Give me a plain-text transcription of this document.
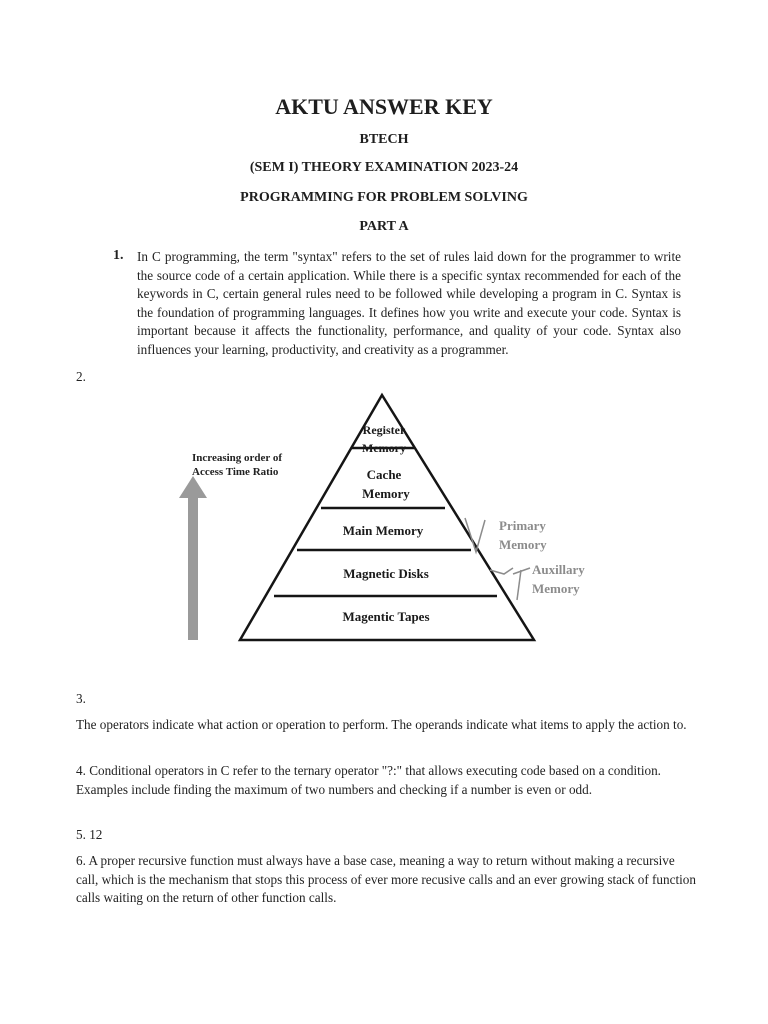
AKTU ANSWER KEY
BTECH
(SEM I) THEORY EXAMINATION 2023-24
PROGRAMMING FOR PROBLEM SOLVING
PART A
1. In C programming, the term "syntax" refers to the set of rules laid down for the programmer to write the source code of a certain application. While there is a specific syntax recommended for each of the keywords in C, certain general rules need to be followed while developing a program in C. Syntax is the foundation of programming languages. It defines how you write and execute your code. Syntax is important because it affects the functionality, performance, and quality of your code. Syntax also influences your learning, productivity, and creativity as a programmer.
2.
Increasing order of
Access Time Ratio
Register
Memory
Cache
Memory
Main Memory
Magnetic Disks
Magentic Tapes
Primary
Memory
Auxillary
Memory
3.
The operators indicate what action or operation to perform. The operands indicate what items to apply the action to.
4. Conditional operators in C refer to the ternary operator "?:" that allows executing code based on a condition. Examples include finding the maximum of two numbers and checking if a number is even or odd.
5. 12
6. A proper recursive function must always have a base case, meaning a way to return without making a recursive call, which is the mechanism that stops this process of ever more recusive calls and an ever growing stack of function calls waiting on the return of other function calls.
